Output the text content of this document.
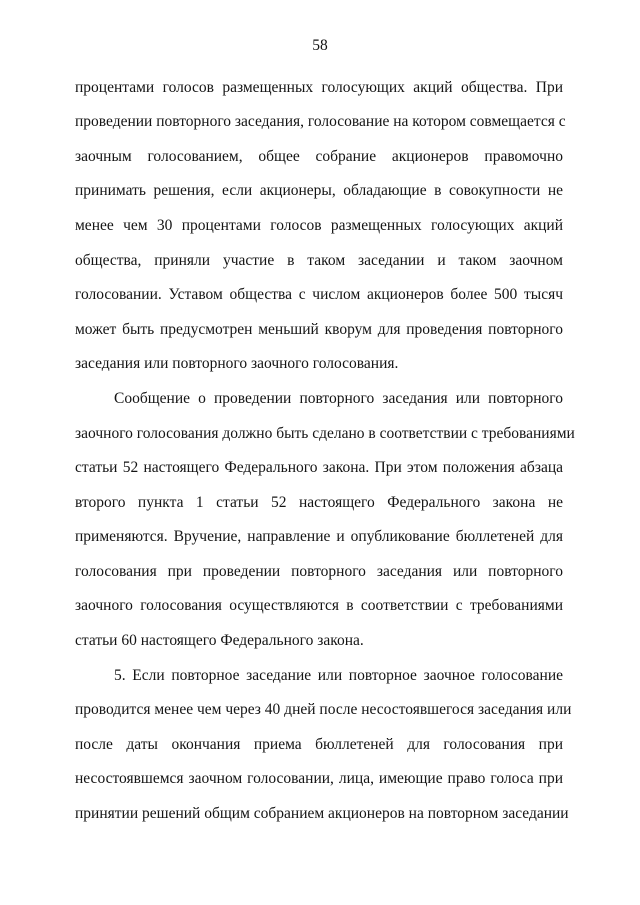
58
процентами голосов размещенных голосующих акций общества. При
проведении повторного заседания, голосование на котором совмещается с
заочным голосованием, общее собрание акционеров правомочно
принимать решения, если акционеры, обладающие в совокупности не
менее чем 30 процентами голосов размещенных голосующих акций
общества, приняли участие в таком заседании и таком заочном
голосовании. Уставом общества с числом акционеров более 500 тысяч
может быть предусмотрен меньший кворум для проведения повторного
заседания или повторного заочного голосования.
Сообщение о проведении повторного заседания или повторного
заочного голосования должно быть сделано в соответствии с требованиями
статьи 52 настоящего Федерального закона. При этом положения абзаца
второго пункта 1 статьи 52 настоящего Федерального закона не
применяются. Вручение, направление и опубликование бюллетеней для
голосования при проведении повторного заседания или повторного
заочного голосования осуществляются в соответствии с требованиями
статьи 60 настоящего Федерального закона.
5. Если повторное заседание или повторное заочное голосование
проводится менее чем через 40 дней после несостоявшегося заседания или
после даты окончания приема бюллетеней для голосования при
несостоявшемся заочном голосовании, лица, имеющие право голоса при
принятии решений общим собранием акционеров на повторном заседании
